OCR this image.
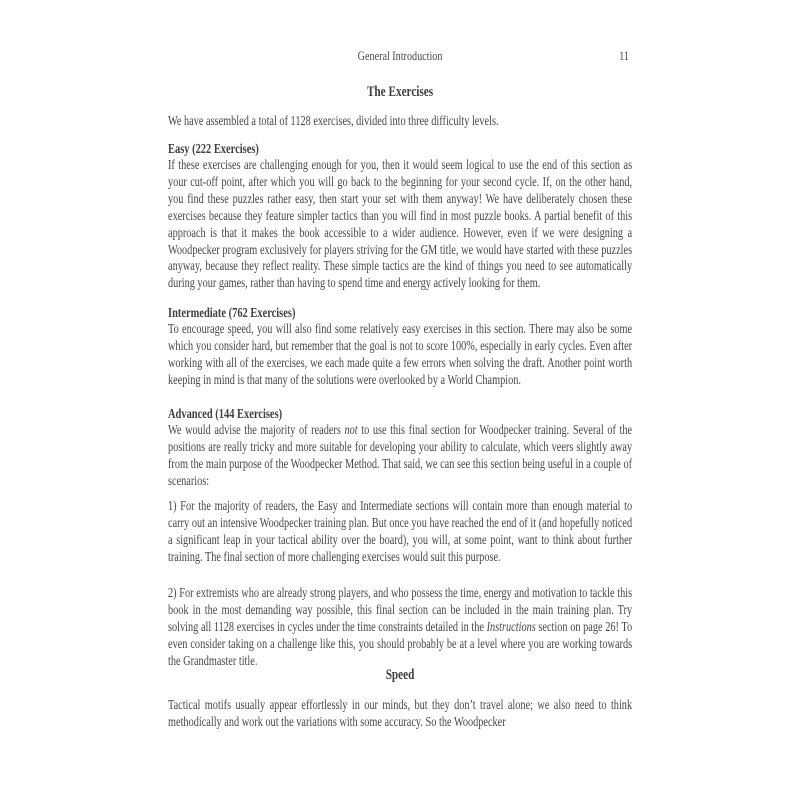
General Introduction	11
The Exercises
We have assembled a total of 1128 exercises, divided into three difficulty levels.
Easy (222 Exercises)
If these exercises are challenging enough for you, then it would seem logical to use the end of this section as your cut-off point, after which you will go back to the beginning for your second cycle. If, on the other hand, you find these puzzles rather easy, then start your set with them anyway! We have deliberately chosen these exercises because they feature simpler tactics than you will find in most puzzle books. A partial benefit of this approach is that it makes the book accessible to a wider audience. However, even if we were designing a Woodpecker program exclusively for players striving for the GM title, we would have started with these puzzles anyway, because they reflect reality. These simple tactics are the kind of things you need to see automatically during your games, rather than having to spend time and energy actively looking for them.
Intermediate (762 Exercises)
To encourage speed, you will also find some relatively easy exercises in this section. There may also be some which you consider hard, but remember that the goal is not to score 100%, especially in early cycles. Even after working with all of the exercises, we each made quite a few errors when solving the draft. Another point worth keeping in mind is that many of the solutions were overlooked by a World Champion.
Advanced (144 Exercises)
We would advise the majority of readers not to use this final section for Woodpecker training. Several of the positions are really tricky and more suitable for developing your ability to calculate, which veers slightly away from the main purpose of the Woodpecker Method. That said, we can see this section being useful in a couple of scenarios:
1) For the majority of readers, the Easy and Intermediate sections will contain more than enough material to carry out an intensive Woodpecker training plan. But once you have reached the end of it (and hopefully noticed a significant leap in your tactical ability over the board), you will, at some point, want to think about further training. The final section of more challenging exercises would suit this purpose.
2) For extremists who are already strong players, and who possess the time, energy and motivation to tackle this book in the most demanding way possible, this final section can be included in the main training plan. Try solving all 1128 exercises in cycles under the time constraints detailed in the Instructions section on page 26! To even consider taking on a challenge like this, you should probably be at a level where you are working towards the Grandmaster title.
Speed
Tactical motifs usually appear effortlessly in our minds, but they don’t travel alone; we also need to think methodically and work out the variations with some accuracy. So the Woodpecker
